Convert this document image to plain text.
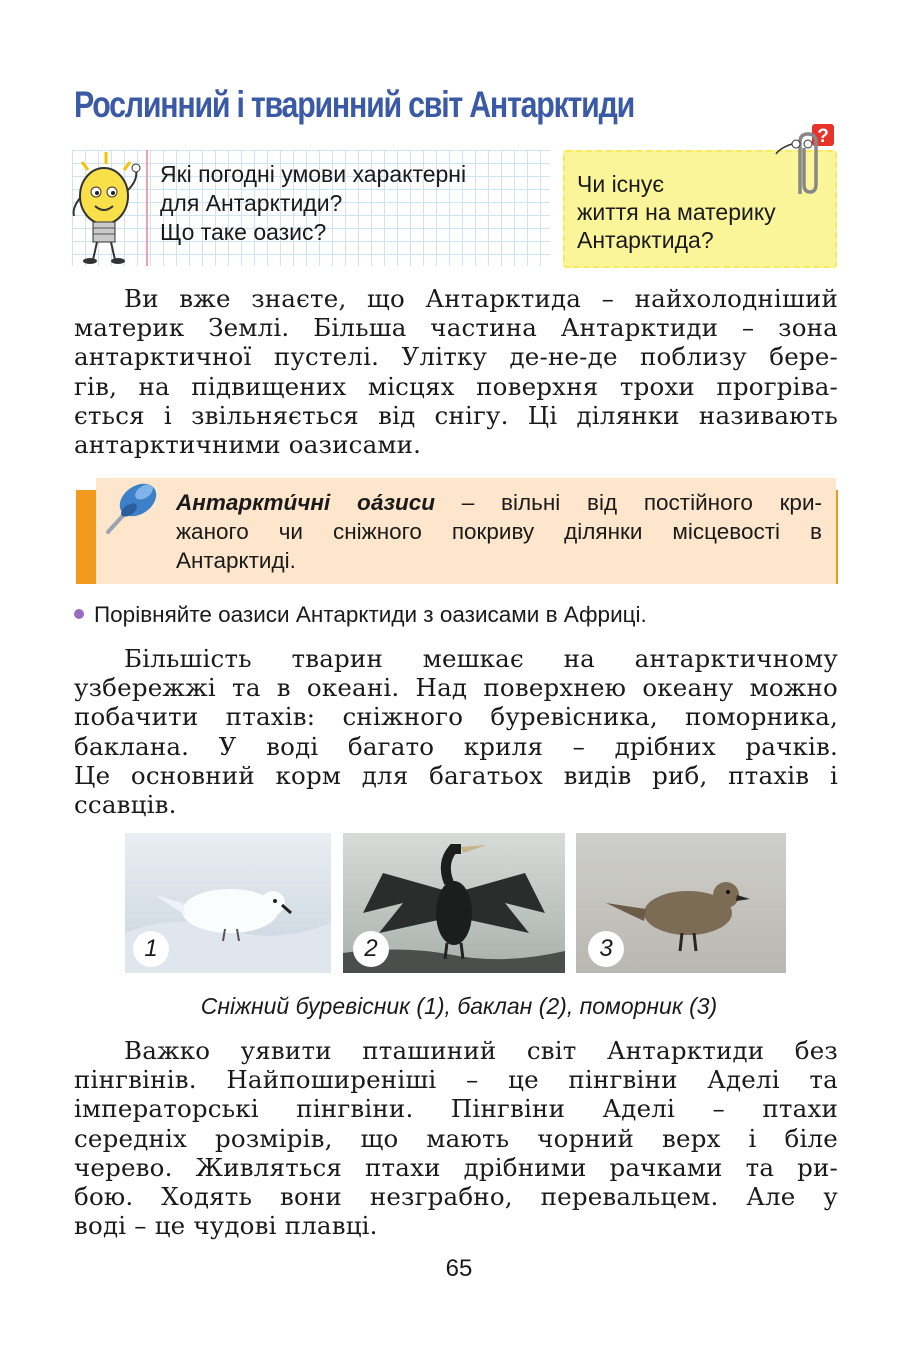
Рослинний і тваринний світ Антарктиди
Які погодні умови характерні
для Антарктиди?
Що таке оазис?
Чи існує
життя на материку
Антарктида?
?
Ви вже знаєте, що Антарктида – найхолодніший
материк Землі. Більша частина Антарктиди – зона
антарктичної пустелі. Улітку де-не-де поблизу бере-
гів, на підвищених місцях поверхня трохи прогріва-
ється і звільняється від снігу. Ці ділянки називають
антарктичними оазисами.
Антаркти́чні оа́зиси – вільні від постійного кри-
жаного чи сніжного покриву ділянки місцевості в
Антарктиді.
Порівняйте оазиси Антарктиди з оазисами в Африці.
Більшість тварин мешкає на антарктичному
узбережжі та в океані. Над поверхнею океану можно
побачити птахів: сніжного буревісника, поморника,
баклана. У воді багато криля – дрібних рачків.
Це основний корм для багатьох видів риб, птахів і
ссавців.
1	2	3
Сніжний буревісник (1), баклан (2), поморник (3)
Важко уявити пташиний світ Антарктиди без
пінгвінів. Найпоширеніші – це пінгвіни Аделі та
імператорські пінгвіни. Пінгвіни Аделі – птахи
середніх розмірів, що мають чорний верх і біле
черево. Живляться птахи дрібними рачками та ри-
бою. Ходять вони незграбно, перевальцем. Але у
воді – це чудові плавці.
65
